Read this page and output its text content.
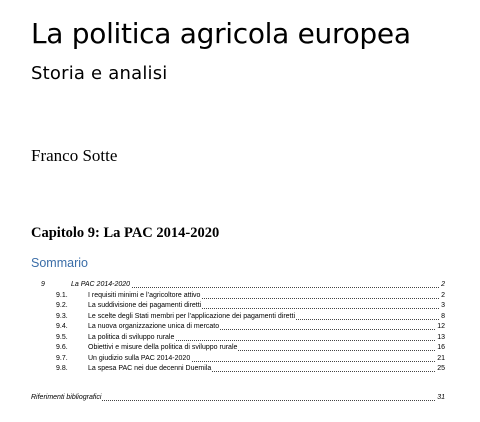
La politica agricola europea
Storia e analisi
Franco Sotte
Capitolo 9: La PAC 2014-2020
Sommario
9	La PAC 2014-2020	2
9.1.	I requisiti minimi e l’agricoltore attivo	2
9.2.	La suddivisione dei pagamenti diretti	3
9.3.	Le scelte degli Stati membri per l’applicazione dei pagamenti diretti	8
9.4.	La nuova organizzazione unica di mercato	12
9.5.	La politica di sviluppo rurale	13
9.6.	Obiettivi e misure della politica di sviluppo rurale	16
9.7.	Un giudizio sulla PAC 2014-2020	21
9.8.	La spesa PAC nei due decenni Duemila	25
Riferimenti bibliografici	31
